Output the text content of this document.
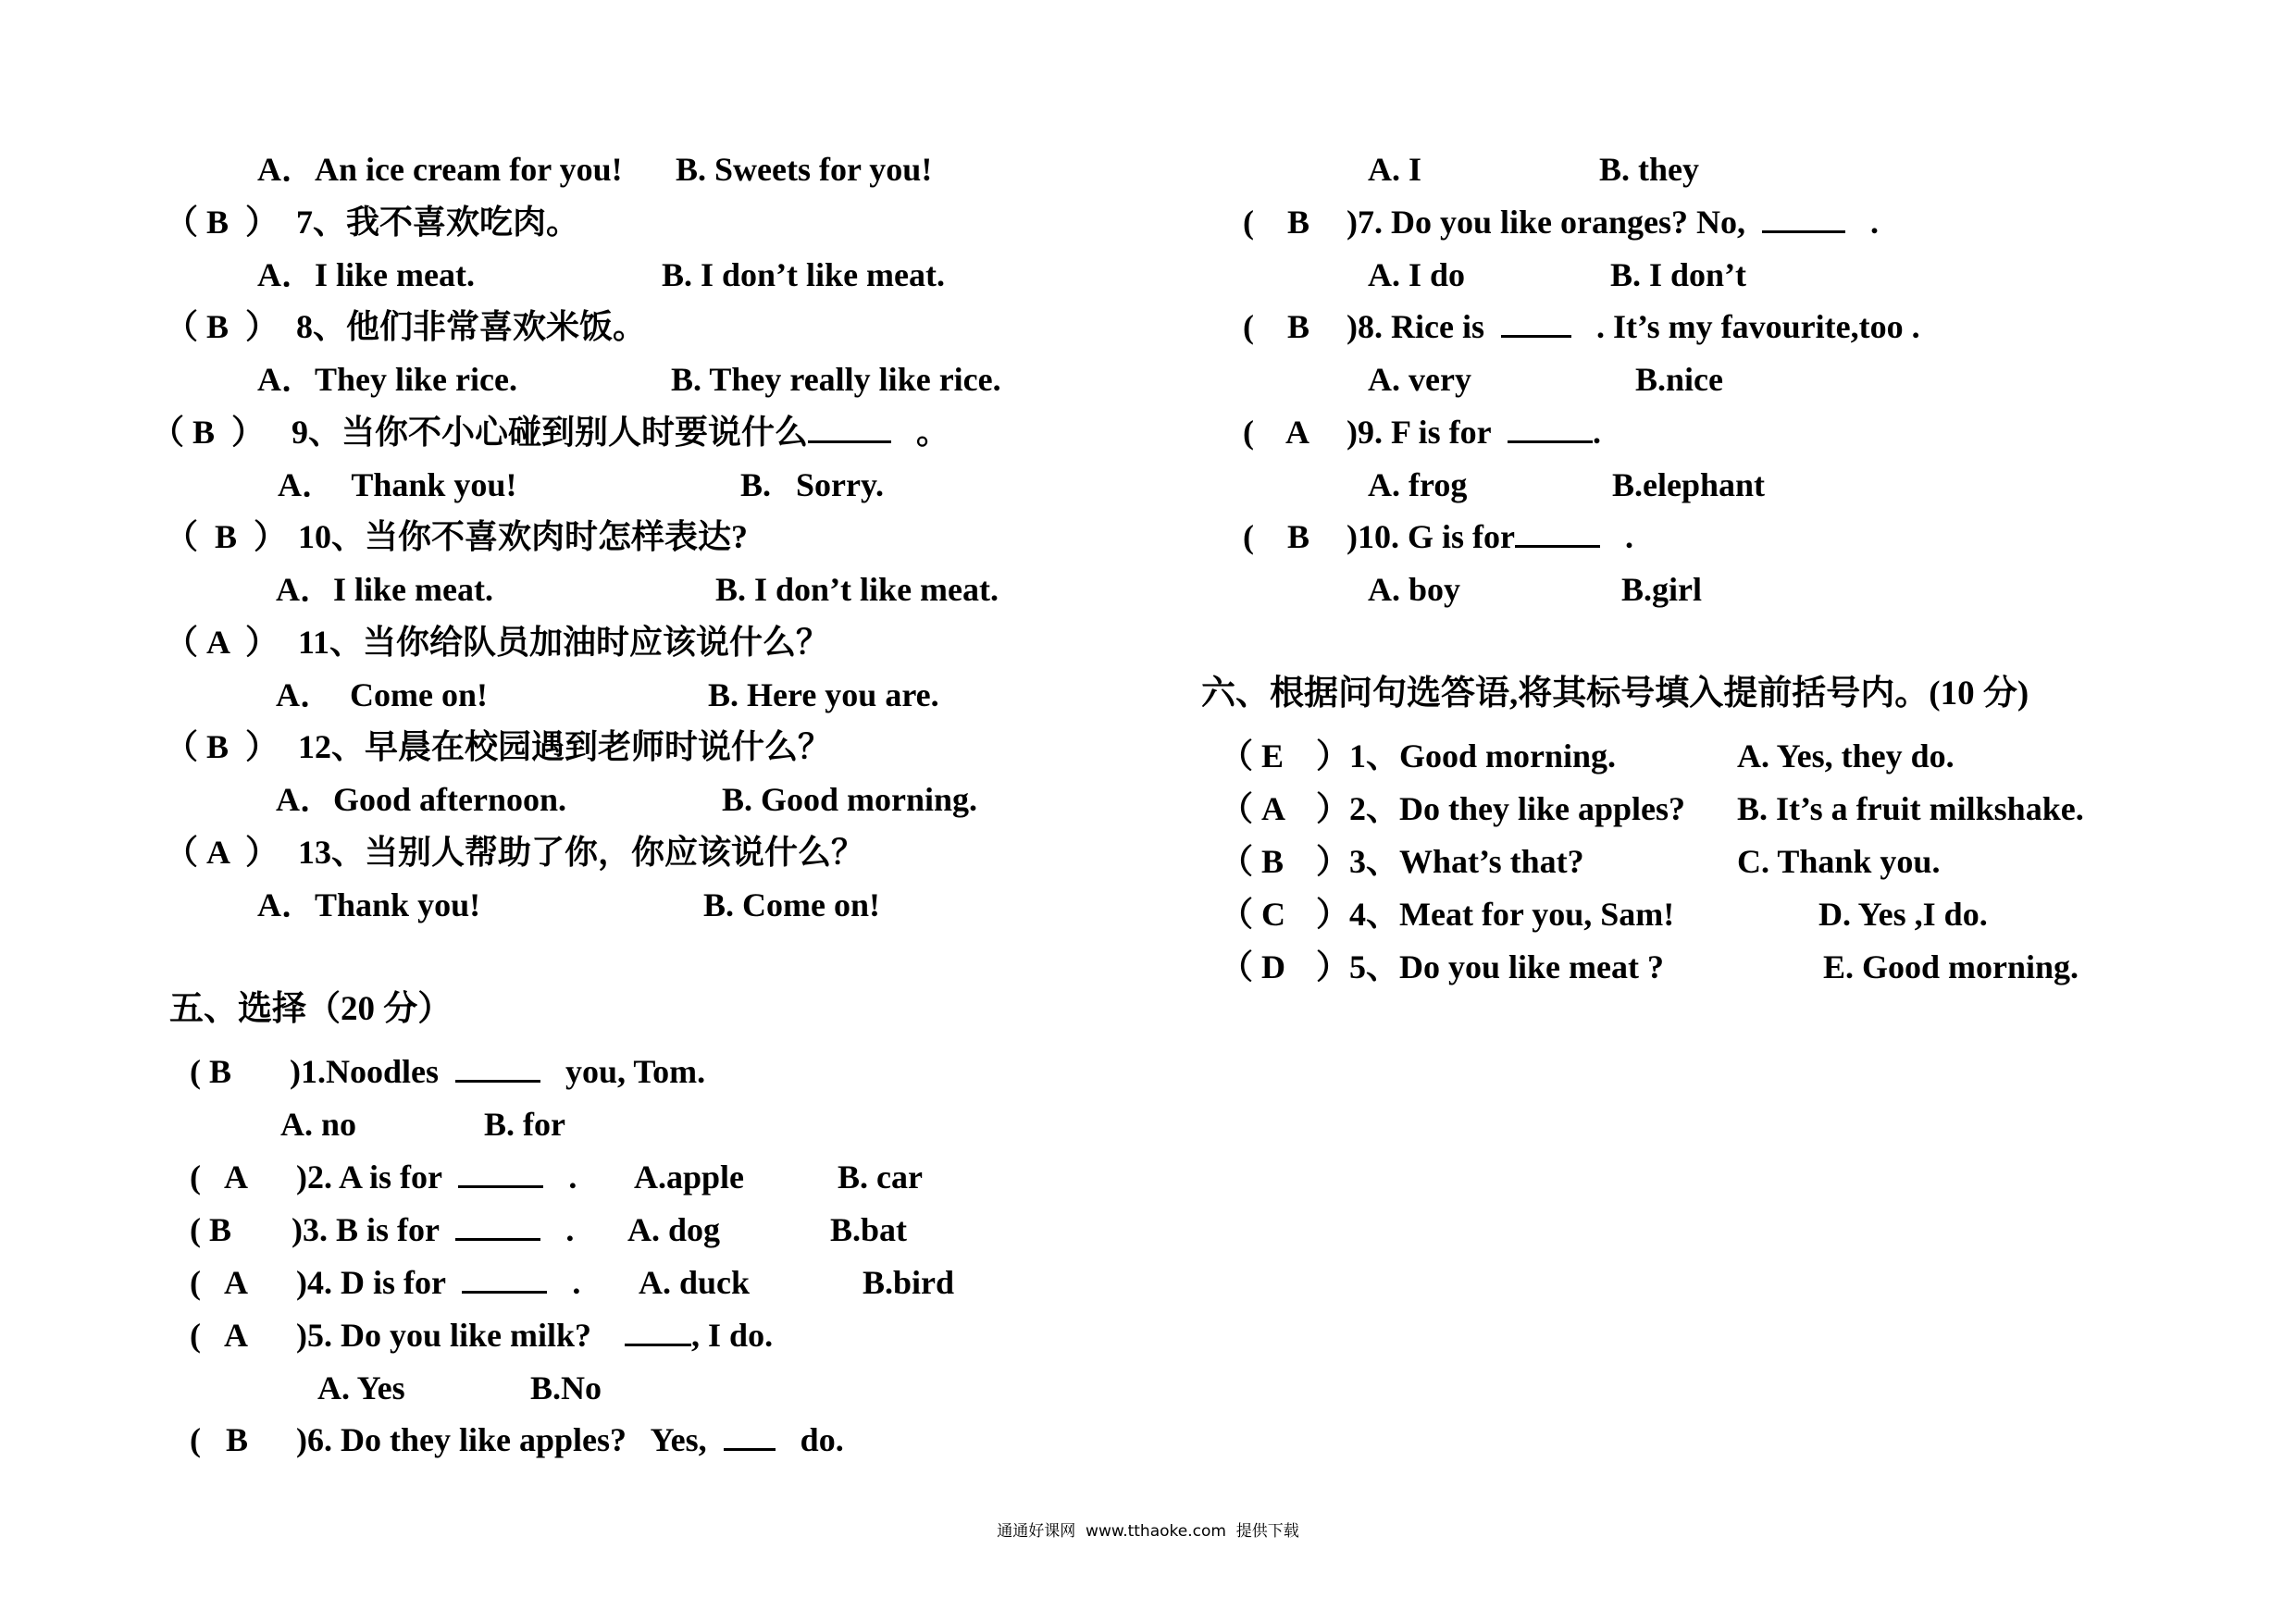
A．An ice cream for you! B. Sweets for you!
（ B  ） 7、我不喜欢吃肉。
A．I like meat.	B. I don’t like meat.
（ B  ） 8、他们非常喜欢米饭。
A．They like rice.	B. They really like rice.
（ B  ） 9、当你不小心碰到别人时要说什么	。
A．  Thank you!	B.   Sorry.
（  B  ） 10、当你不喜欢肉时怎样表达?
A．I like meat.	B. I don’t like meat.
（ A  ） 11、当你给队员加油时应该说什么？
A．  Come on!	B. Here you are.
（ B  ） 12、早晨在校园遇到老师时说什么？
A．Good afternoon.	B. Good morning.
（ A  ） 13、当别人帮助了你，你应该说什么？
A．Thank you!	B. Come on!
五、选择（20 分）
( B )1.Noodles	you, Tom.
A. no	B. for
(   A )2. A is for	. A.apple	B. car
( B )3. B is for	. A. dog	B.bat
(   A )4. D is for	. A. duck	B.bird
(   A )5. Do you like milk?	, I do.
A. Yes	B.No
(   B )6. Do they like apples?   Yes,	do.
A. I	B. they
(    B )7. Do you like oranges? No,	.
A. I do	B. I don’t
(    B )8. Rice is	. It’s my favourite,too .
A. very	B.nice
(    A )9. F is for	.
A. frog	B.elephant
(    B )10. G is for	.
A. boy	B.girl
六、根据问句选答语,将其标号填入提前括号内。(10 分)
（ E ）1、Good morning.	A. Yes, they do.
（ A ）2、Do they like apples? B. It’s a fruit milkshake.
（ B ）3、What’s that?	C. Thank you.
（ C ）4、Meat for you, Sam!	D. Yes ,I do.
（ D ）5、Do you like meat ?	E. Good morning.
通通好课网  www.tthaoke.com  提供下载
